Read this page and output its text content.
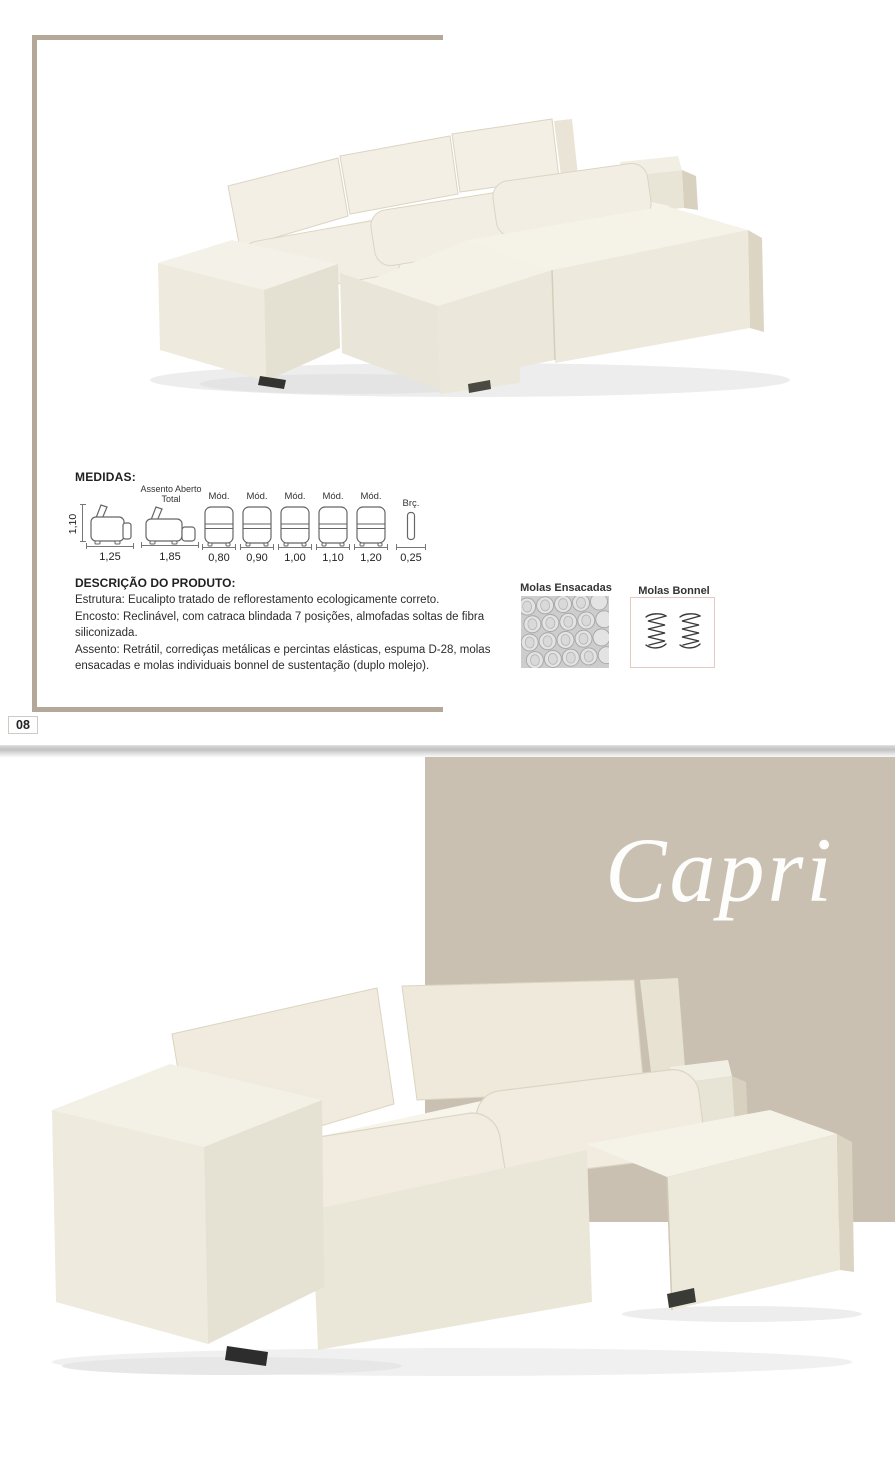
MEDIDAS:
1,10
1,25
Assento Aberto Total
1,85
Mód.
0,80
Mód.
0,90
Mód.
1,00
Mód.
1,10
Mód.
1,20
Brç.
0,25
DESCRIÇÃO DO PRODUTO:

Estrutura: Eucalipto tratado de reflorestamento ecologicamente correto.

Encosto: Reclinável, com catraca blindada 7 posições, almofadas soltas de fibra siliconizada.

Assento: Retrátil, corrediças metálicas e percintas elásticas, espuma D-28, molas ensacadas e molas individuais bonnel de sustentação (duplo molejo).

Molas Ensacadas	Molas Bonnel
08
Capri
